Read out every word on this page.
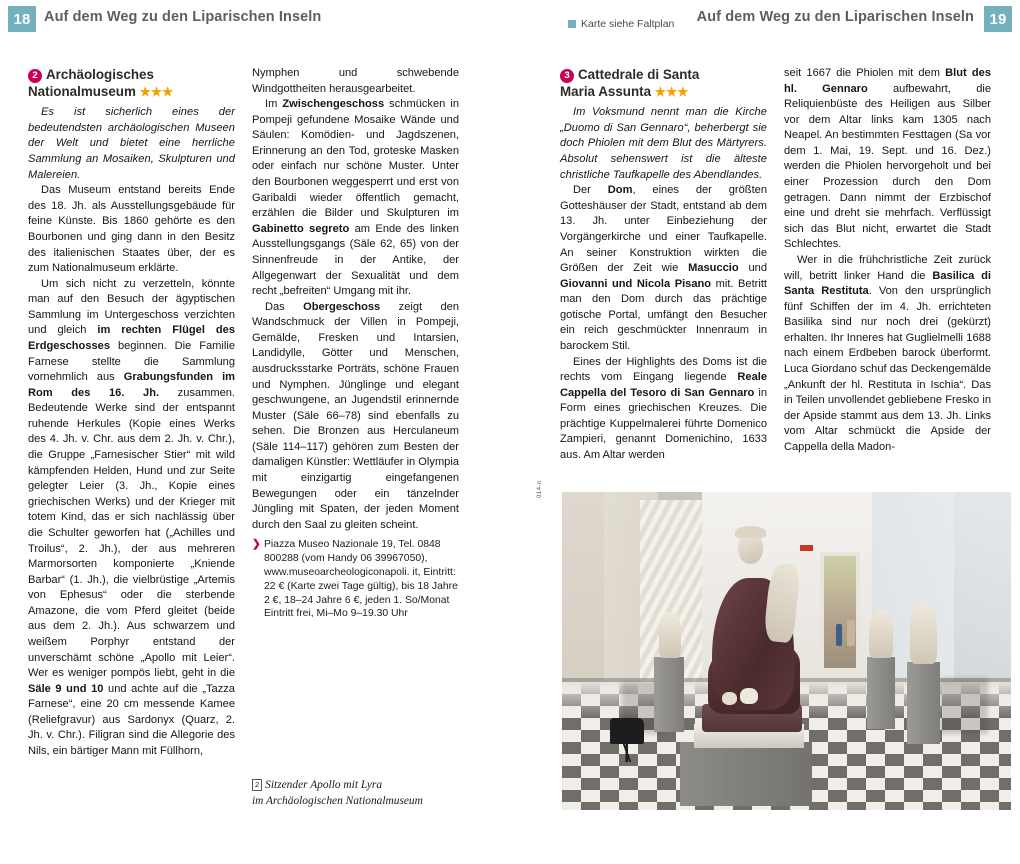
18 Auf dem Weg zu den Liparischen Inseln	Auf dem Weg zu den Liparischen Inseln	19
Karte siehe Faltplan
2 Archäologisches
Nationalmuseum ★★★

Es ist sicherlich eines der bedeutendsten archäologischen Museen der Welt und bietet eine herrliche Sammlung an Mosaiken, Skulpturen und Malereien.

Das Museum entstand bereits Ende des 18. Jh. als Ausstellungsgebäude für feine Künste. Bis 1860 gehörte es den Bourbonen und ging dann in den Besitz des italienischen Staates über, der es zum Nationalmuseum erklärte.

Um sich nicht zu verzetteln, könnte man auf den Besuch der ägyptischen Sammlung im Untergeschoss verzichten und gleich im rechten Flügel des Erdgeschosses beginnen. Die Familie Farnese stellte die Sammlung vornehmlich aus Grabungsfunden im Rom des 16. Jh. zusammen. Bedeutende Werke sind der entspannt ruhende Herkules (Kopie eines Werks des 4. Jh. v. Chr. aus dem 2. Jh. v. Chr.), die Gruppe „Farnesischer Stier“ mit wild kämpfenden Helden, Hund und zur Seite gelegter Leier (3. Jh., Kopie eines griechischen Werks) und der Krieger mit totem Kind, das er sich nachlässig über die Schulter geworfen hat („Achilles und Troilus“, 2. Jh.), der aus mehreren Marmorsorten komponierte „Kniende Barbar“ (1. Jh.), die vielbrüstige „Artemis von Ephesus“ oder die sterbende Amazone, die vom Pferd gleitet (beide aus dem 2. Jh.). Aus schwarzem und weißem Porphyr entstand der unverschämt schöne „Apollo mit Leier“. Wer es weniger pompös liebt, geht in die Säle 9 und 10 und achte auf die „Tazza Farnese“, eine 20 cm messende Kamee (Reliefgravur) aus Sardonyx (Quarz, 2. Jh. v. Chr.). Filigran sind die Allegorie des Nils, ein bärtiger Mann mit Füllhorn,

Nymphen und schwebende Windgottheiten herausgearbeitet.

Im Zwischengeschoss schmücken in Pompeji gefundene Mosaike Wände und Säulen: Komödien- und Jagdszenen, Erinnerung an den Tod, groteske Masken oder einfach nur schöne Muster. Unter den Bourbonen weggesperrt und erst von Garibaldi wieder öffentlich gemacht, erzählen die Bilder und Skulpturen im Gabinetto segreto am Ende des linken Ausstellungsgangs (Säle 62, 65) von der Sinnenfreude in der Antike, der Allgegenwart der Sexualität und dem recht „befreiten“ Umgang mit ihr.

Das Obergeschoss zeigt den Wandschmuck der Villen in Pompeji, Gemälde, Fresken und Intarsien, Landidylle, Götter und Menschen, ausdrucksstarke Porträts, schöne Frauen und Nymphen. Jünglinge und elegant geschwungene, an Jugendstil erinnernde Muster (Säle 66–78) sind ebenfalls zu sehen. Die Bronzen aus Herculaneum (Säle 114–117) gehören zum Besten der damaligen Künstler: Wettläufer in Olympia mit einzigartig eingefangenen Bewegungen oder ein tänzelnder Jüngling mit Spaten, der jeden Moment durch den Saal zu gleiten scheint.

❯ Piazza Museo Nazionale 19, Tel. 0848 800288 (vom Handy 06 39967050), www.museoarcheologiconapoli. it, Eintritt: 22 € (Karte zwei Tage gültig), bis 18 Jahre 2 €, 18–24 Jahre 6 €, jeden 1. So/Monat Eintritt frei, Mi–Mo 9–19.30 Uhr
3 Cattedrale di Santa
Maria Assunta ★★★

Im Voksmund nennt man die Kirche „Duomo di San Gennaro“, beherbergt sie doch Phiolen mit dem Blut des Märtyrers. Absolut sehenswert ist die älteste christliche Taufkapelle des Abendlandes.

Der Dom, eines der größten Gotteshäuser der Stadt, entstand ab dem 13. Jh. unter Einbeziehung der Vorgängerkirche und einer Taufkapelle. An seiner Konstruktion wirkten die Größen der Zeit wie Masuccio und Giovanni und Nicola Pisano mit. Betritt man den Dom durch das prächtige gotische Portal, umfängt den Besucher ein reich geschmückter Innenraum in barockem Stil.

Eines der Highlights des Doms ist die rechts vom Eingang liegende Reale Cappella del Tesoro di San Gennaro in Form eines griechischen Kreuzes. Die prächtige Kuppelmalerei führte Domenico Zampieri, genannt Domenichino, 1633 aus. Am Altar werden

seit 1667 die Phiolen mit dem Blut des hl. Gennaro aufbewahrt, die Reliquienbüste des Heiligen aus Silber vor dem Altar links kam 1305 nach Neapel. An bestimmten Festtagen (Sa vor dem 1. Mai, 19. Sept. und 16. Dez.) werden die Phiolen hervorgeholt und bei einer Prozession durch den Dom getragen. Dann nimmt der Erzbischof eine und dreht sie mehrfach. Verflüssigt sich das Blut nicht, erwartet die Stadt Schlechtes.

Wer in die frühchristliche Zeit zurück will, betritt linker Hand die Basilica di Santa Restituta. Von den ursprünglich fünf Schiffen der im 4. Jh. errichteten Basilika sind nur noch drei (gekürzt) erhalten. Ihr Inneres hat Guglielmelli 1688 nach einem Erdbeben barock überformt. Luca Giordano schuf das Deckengemälde „Ankunft der hl. Restituta in Ischia“. Das in Teilen unvollendet gebliebene Fresko in der Apside stammt aus dem 13. Jh. Links vom Altar schmückt die Apside der Cappella della Madon-

014-n
2 Sitzender Apollo mit Lyra
im Archäologischen Nationalmuseum
